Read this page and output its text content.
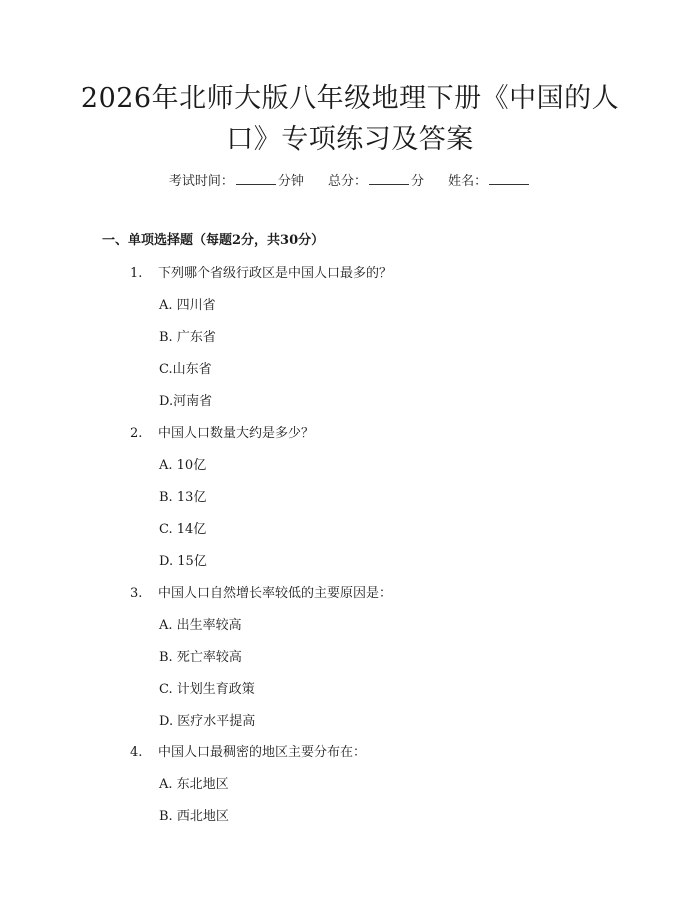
2026年北师大版八年级地理下册《中国的人
口》专项练习及答案
考试时间：	分钟 总分：	分 姓名：
一、单项选择题（每题2分，共30分）
1. 下列哪个省级行政区是中国人口最多的？
A. 四川省
B. 广东省
C.山东省
D.河南省
2. 中国人口数量大约是多少？
A. 10亿
B. 13亿
C. 14亿
D. 15亿
3. 中国人口自然增长率较低的主要原因是：
A. 出生率较高
B. 死亡率较高
C. 计划生育政策
D. 医疗水平提高
4. 中国人口最稠密的地区主要分布在：
A. 东北地区
B. 西北地区
